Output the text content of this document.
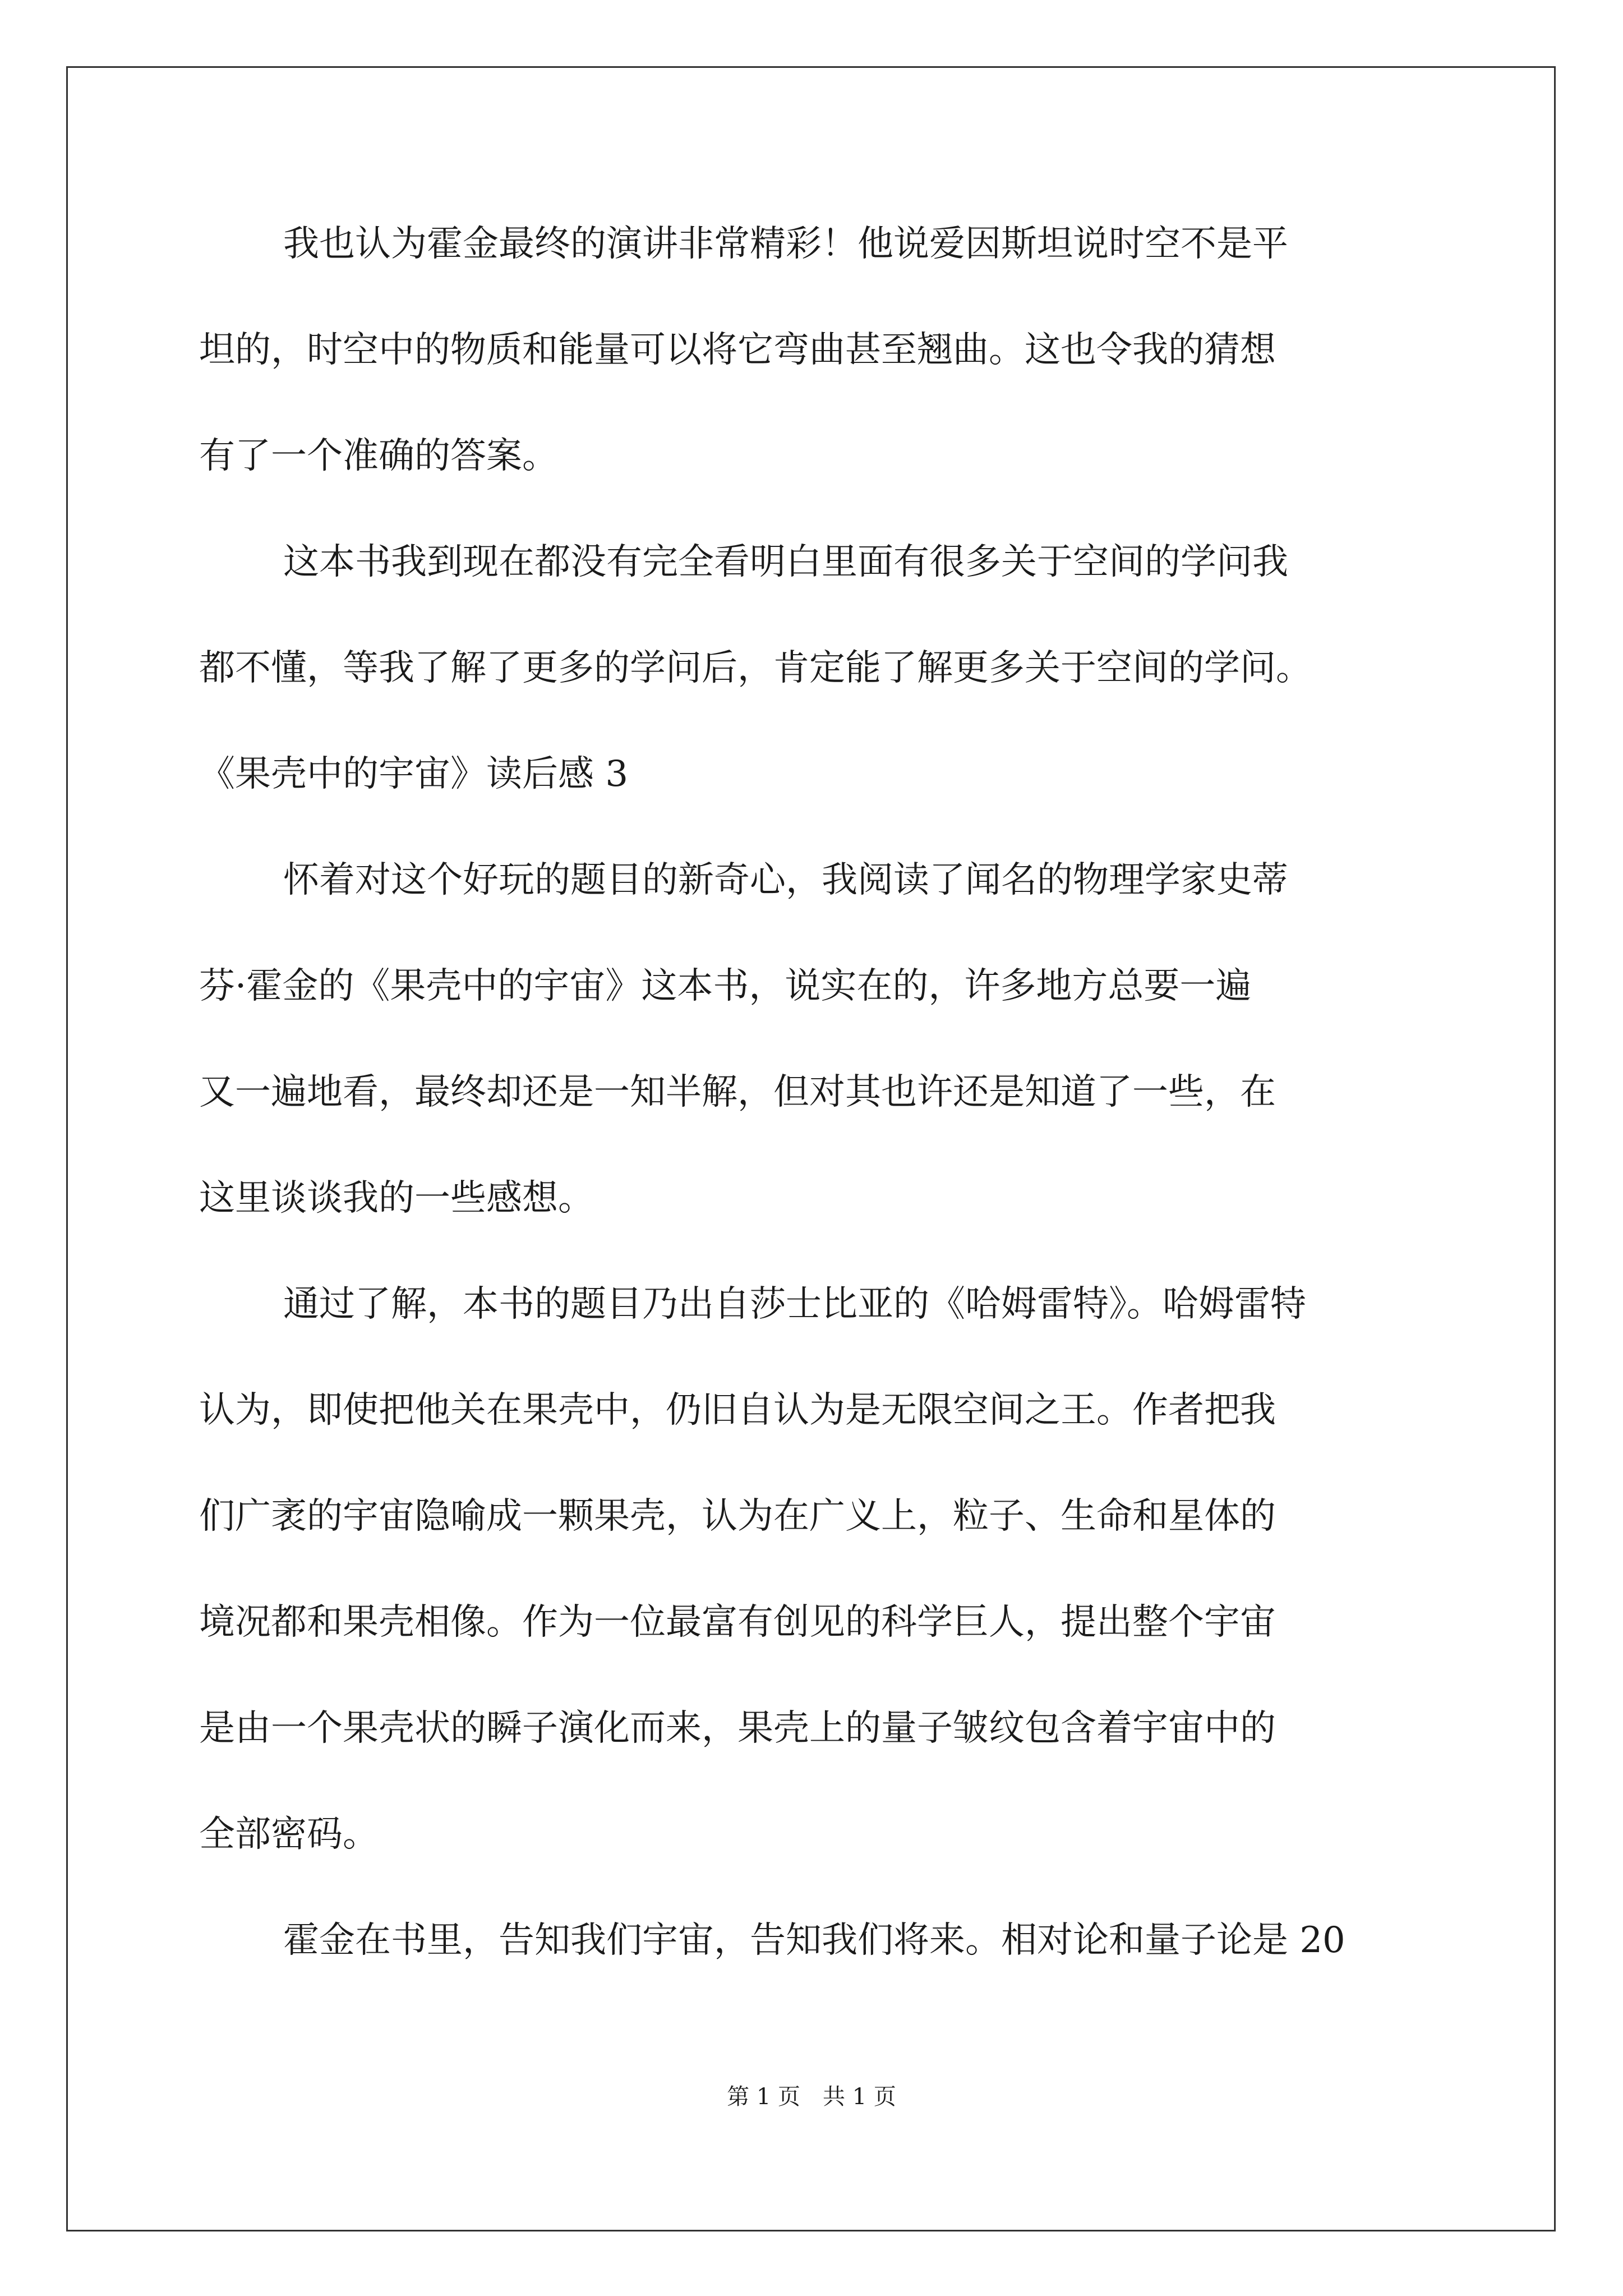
我也认为霍金最终的演讲非常精彩！他说爱因斯坦说时空不是平
坦的，时空中的物质和能量可以将它弯曲甚至翘曲。这也令我的猜想
有了一个准确的答案。
这本书我到现在都没有完全看明白里面有很多关于空间的学问我
都不懂，等我了解了更多的学问后，肯定能了解更多关于空间的学问。
《果壳中的宇宙》读后感 3
怀着对这个好玩的题目的新奇心，我阅读了闻名的物理学家史蒂
芬·霍金的《果壳中的宇宙》这本书，说实在的，许多地方总要一遍
又一遍地看，最终却还是一知半解，但对其也许还是知道了一些，在
这里谈谈我的一些感想。
通过了解，本书的题目乃出自莎士比亚的《哈姆雷特》。哈姆雷特
认为，即使把他关在果壳中，仍旧自认为是无限空间之王。作者把我
们广袤的宇宙隐喻成一颗果壳，认为在广义上，粒子、生命和星体的
境况都和果壳相像。作为一位最富有创见的科学巨人，提出整个宇宙
是由一个果壳状的瞬子演化而来，果壳上的量子皱纹包含着宇宙中的
全部密码。
霍金在书里，告知我们宇宙，告知我们将来。相对论和量子论是 20
第 1 页　共 1 页
